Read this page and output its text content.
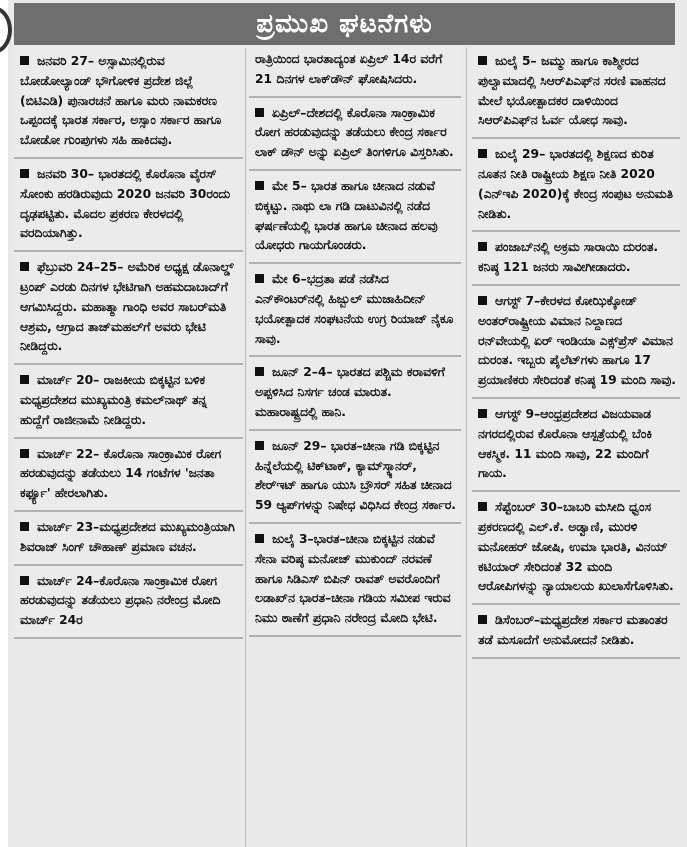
ಪ್ರಮುಖ ಘಟನೆಗಳು
ಜನವರಿ 27– ಅಸ್ಸಾಮಿನಲ್ಲಿರುವ ಬೋಡೋಲ್ಯಾಂಡ್ ಭೌಗೋಳಿಕ ಪ್ರದೇಶ ಜಿಲ್ಲೆ (ಬಿಟಿಎಡಿ) ಪುನಾರಚನೆ ಹಾಗೂ ಮರು ನಾಮಕರಣ ಒಪ್ಪಂದಕ್ಕೆ ಭಾರತ ಸರ್ಕಾರ, ಅಸ್ಸಾಂ ಸರ್ಕಾರ ಹಾಗೂ ಬೋಡೋ ಗುಂಪುಗಳು ಸಹಿ ಹಾಕಿದವು.
ಜನವರಿ 30– ಭಾರತದಲ್ಲಿ ಕೊರೊನಾ ವೈರಸ್ ಸೋಂಕು ಹರಡಿರುವುದು 2020 ಜನವರಿ 30ರಂದು ದೃಢಪಟ್ಟಿತು. ಮೊದಲ ಪ್ರಕರಣ ಕೇರಳದಲ್ಲಿ ವರದಿಯಾಗಿತ್ತು.
ಫೆಬ್ರುವರಿ 24–25– ಅಮೆರಿಕ ಅಧ್ಯಕ್ಷ ಡೊನಾಲ್ಡ್ ಟ್ರಂಪ್ ಎರಡು ದಿನಗಳ ಭೇಟಿಗಾಗಿ ಅಹಮದಾಬಾದ್‌ಗೆ ಆಗಮಿಸಿದ್ದರು. ಮಹಾತ್ಮಾ ಗಾಂಧಿ ಅವರ ಸಾಬರ್‌ಮತಿ ಆಶ್ರಮ, ಆಗ್ರಾದ ತಾಜ್‌ಮಹಲ್‌ಗೆ ಅವರು ಭೇಟಿ ನೀಡಿದ್ದರು.
ಮಾರ್ಚ್ 20– ರಾಜಕೀಯ ಬಿಕ್ಕಟ್ಟಿನ ಬಳಿಕ ಮಧ್ಯಪ್ರದೇಶದ ಮುಖ್ಯಮಂತ್ರಿ ಕಮಲ್‌ನಾಥ್ ತನ್ನ ಹುದ್ದೆಗೆ ರಾಜೀನಾಮೆ ನೀಡಿದ್ದರು.
ಮಾರ್ಚ್ 22– ಕೊರೊನಾ ಸಾಂಕ್ರಾಮಿಕ ರೋಗ ಹರಡುವುದನ್ನು ತಡೆಯಲು 14 ಗಂಟೆಗಳ 'ಜನತಾ ಕರ್ಫ್ಯೂ' ಹೇರಲಾಗಿತು.
ಮಾರ್ಚ್ 23–ಮಧ್ಯಪ್ರದೇಶದ ಮುಖ್ಯಮಂತ್ರಿಯಾಗಿ ಶಿವರಾಜ್ ಸಿಂಗ್ ಚೌಹಾಣ್ ಪ್ರಮಾಣ ವಚನ.
ಮಾರ್ಚ್ 24–ಕೊರೊನಾ ಸಾಂಕ್ರಾಮಿಕ ರೋಗ ಹರಡುವುದನ್ನು ತಡೆಯಲು ಪ್ರಧಾನಿ ನರೇಂದ್ರ ಮೋದಿ ಮಾರ್ಚ್ 24ರ
ರಾತ್ರಿಯಿಂದ ಭಾರತಾದ್ಯಂತ ಏಪ್ರಿಲ್ 14ರ ವರೆಗೆ 21 ದಿನಗಳ ಲಾಕ್‌ಡೌನ್ ಘೋಷಿಸಿದರು.
ಏಪ್ರಿಲ್–ದೇಶದಲ್ಲಿ ಕೊರೊನಾ ಸಾಂಕ್ರಾಮಿಕ ರೋಗ ಹರಡುವುದನ್ನು ತಡೆಯಲು ಕೇಂದ್ರ ಸರ್ಕಾರ ಲಾಕ್ ಡೌನ್ ಅನ್ನು ಏಪ್ರಿಲ್ ತಿಂಗಳಿಗೂ ವಿಸ್ತರಿಸಿತು.
ಮೇ 5– ಭಾರತ ಹಾಗೂ ಚೀನಾದ ನಡುವೆ ಬಿಕ್ಕಟ್ಟು. ನಾಥು ಲಾ ಗಡಿ ದಾಟುವಿನಲ್ಲಿ ನಡೆದ ಘರ್ಷಣೆಯಲ್ಲಿ ಭಾರತ ಹಾಗೂ ಚೀನಾದ ಹಲವು ಯೋಧರು ಗಾಯಗೊಂಡರು.
ಮೇ 6–ಭದ್ರತಾ ಪಡೆ ನಡೆಸಿದ ಎನ್‌ಕೌಂಟರ್‌ನಲ್ಲಿ ಹಿಜ್ಬುಲ್ ಮುಜಾಹಿದೀನ್ ಭಯೋತ್ಪಾದಕ ಸಂಘಟನೆಯ ಉಗ್ರ ರಿಯಾಜ್ ನೈಕೂ ಸಾವು.
ಜೂನ್ 2–4– ಭಾರತದ ಪಶ್ಚಿಮ ಕರಾವಳಿಗೆ ಅಪ್ಪಳಿಸಿದ ನಿಸರ್ಗ ಚಂಡ ಮಾರುತ. ಮಹಾರಾಷ್ಟ್ರದಲ್ಲಿ ಹಾನಿ.
ಜೂನ್ 29– ಭಾರತ–ಚೀನಾ ಗಡಿ ಬಿಕ್ಕಟ್ಟಿನ ಹಿನ್ನೆಲೆಯಲ್ಲಿ ಟಿಕ್‌ಟಾಕ್, ಕ್ಯಾಮ್‌ಸ್ಕ್ಯಾನರ್, ಶೇರ್‌ಇಟ್ ಹಾಗೂ ಯುಸಿ ಬ್ರೌಸರ್ ಸಹಿತ ಚೀನಾದ 59 ಆ್ಯಪ್‌ಗಳನ್ನು ನಿಷೇಧ ವಿಧಿಸಿದ ಕೇಂದ್ರ ಸರ್ಕಾರ.
ಜುಲೈ 3–ಭಾರತ–ಚೀನಾ ಬಿಕ್ಕಟ್ಟಿನ ನಡುವೆ ಸೇನಾ ವರಿಷ್ಠ ಮನೋಜ್ ಮುಕುಂದ್ ನರವಣೆ ಹಾಗೂ ಸಿಡಿಎಸ್ ಬಿಪಿನ್ ರಾವತ್ ಅವರೊಂದಿಗೆ ಲಡಾಖ್‌ನ ಭಾರತ–ಚೀನಾ ಗಡಿಯ ಸಮೀಪ ಇರುವ ನಿಮು ಠಾಣೆಗೆ ಪ್ರಧಾನಿ ನರೇಂದ್ರ ಮೋದಿ ಭೇಟಿ.
ಜುಲೈ 5– ಜಮ್ಮು ಹಾಗೂ ಕಾಶ್ಮೀರದ ಪುಲ್ವಾಮಾದಲ್ಲಿ ಸಿಆರ್‌ಪಿಎಫ್‌ನ ಸರಣಿ ವಾಹನದ ಮೇಲೆ ಭಯೋತ್ಪಾದಕರ ದಾಳಿಯಿಂದ ಸಿಆರ್‌ಪಿಎಫ್‌ನ ಓರ್ವ ಯೋಧ ಸಾವು.
ಜುಲೈ 29– ಭಾರತದಲ್ಲಿ ಶಿಕ್ಷಣದ ಕುರಿತ ನೂತನ ನೀತಿ ರಾಷ್ಟ್ರೀಯ ಶಿಕ್ಷಣ ನೀತಿ 2020 (ಎನ್‌ಇಪಿ 2020)ಕ್ಕೆ ಕೇಂದ್ರ ಸಂಪುಟ ಅನುಮತಿ ನೀಡಿತು.
ಪಂಜಾಬ್‌ನಲ್ಲಿ ಅಕ್ರಮ ಸಾರಾಯಿ ದುರಂತ. ಕನಿಷ್ಠ 121 ಜನರು ಸಾವೀಗೀಡಾದರು.
ಆಗಸ್ಟ್ 7–ಕೇರಳದ ಕೋಝಿಕ್ಕೋಡ್ ಅಂತರ್‌ರಾಷ್ಟ್ರೀಯ ವಿಮಾನ ನಿಲ್ದಾಣದ ರನ್‌ವೇಯಲ್ಲಿ ಏರ್ ಇಂಡಿಯಾ ಎಕ್ಸ್‌ಪ್ರೆಸ್ ವಿಮಾನ ದುರಂತ. ಇಬ್ಬರು ಪೈಲೆಟ್‌ಗಳು ಹಾಗೂ 17 ಪ್ರಯಾಣಿಕರು ಸೇರಿದಂತೆ ಕನಿಷ್ಠ 19 ಮಂದಿ ಸಾವು.
ಆಗಸ್ಟ್ 9–ಆಂಧ್ರಪ್ರದೇಶದ ವಿಜಯವಾಡ ನಗರದಲ್ಲಿರುವ ಕೊರೊನಾ ಆಸ್ಪತ್ರೆಯಲ್ಲಿ ಬೆಂಕಿ ಆಕಸ್ಮಿಕ. 11 ಮಂದಿ ಸಾವು, 22 ಮಂದಿಗೆ ಗಾಯ.
ಸೆಪ್ಟೆಂಬರ್ 30–ಬಾಬರಿ ಮಸೀದಿ ಧ್ವಂಸ ಪ್ರಕರಣದಲ್ಲಿ ಎಲ್.ಕೆ. ಅಡ್ವಾಣಿ, ಮುರಳಿ ಮನೋಹರ್ ಜೋಷಿ, ಉಮಾ ಭಾರತಿ, ವಿನಯ್ ಕಟಿಯಾರ್ ಸೇರಿದಂತೆ 32 ಮಂದಿ ಆರೋಪಿಗಳನ್ನು ನ್ಯಾಯಾಲಯ ಖುಲಾಸೆಗೊಳಿಸಿತು.
ಡಿಸೆಂಬರ್–ಮಧ್ಯಪ್ರದೇಶ ಸರ್ಕಾರ ಮತಾಂತರ ತಡೆ ಮಸೂದೆಗೆ ಅನುಮೋದನೆ ನೀಡಿತು.
